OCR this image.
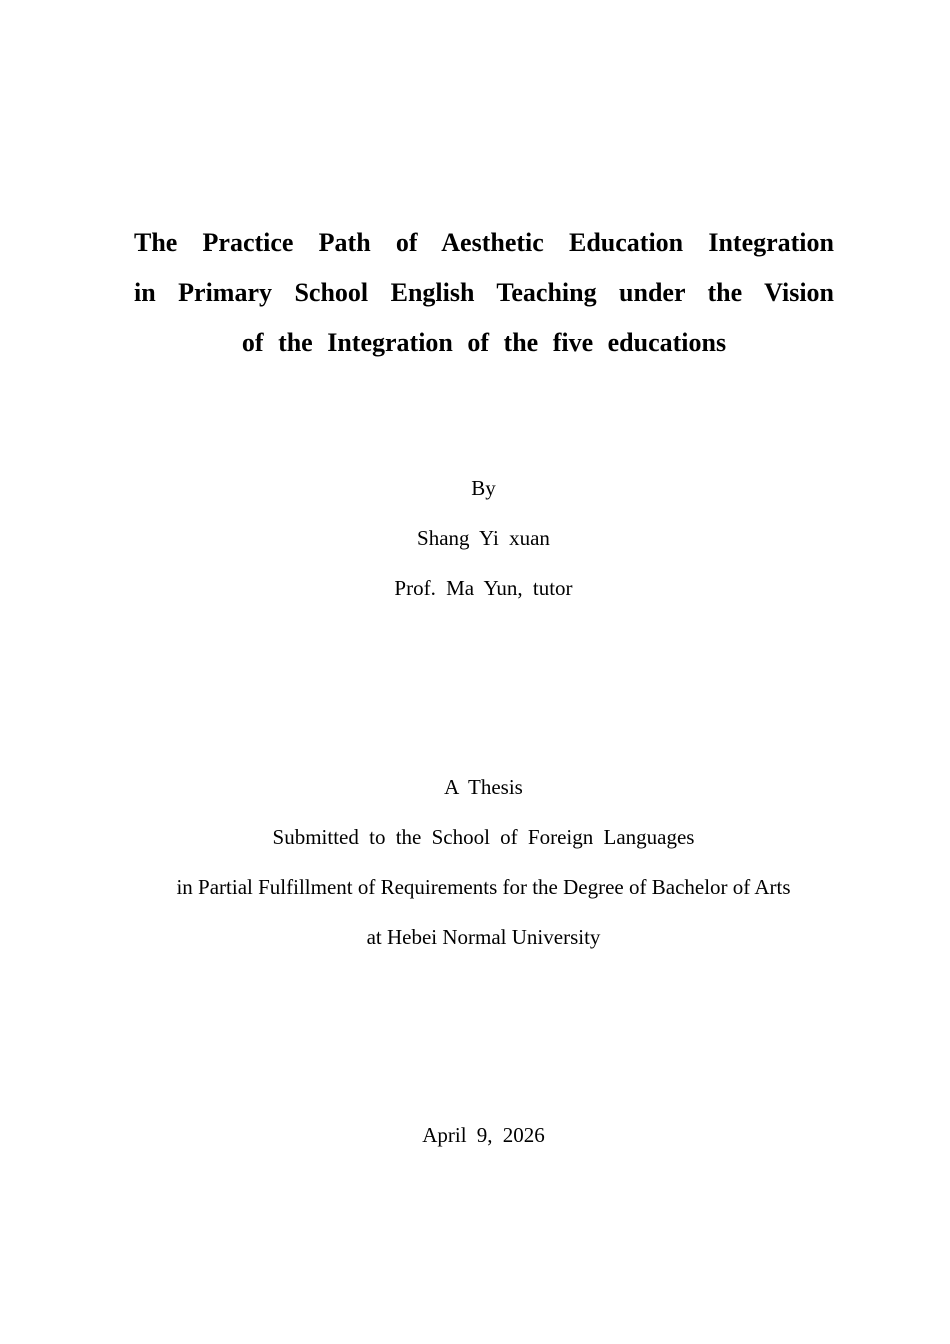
The Practice Path of Aesthetic Education Integration
in Primary School English Teaching under the Vision
of the Integration of the five educations
By
Shang Yi xuan
Prof. Ma Yun, tutor
A Thesis
Submitted to the School of Foreign Languages
in Partial Fulfillment of Requirements for the Degree of Bachelor of Arts
at Hebei Normal University
April 9, 2026
